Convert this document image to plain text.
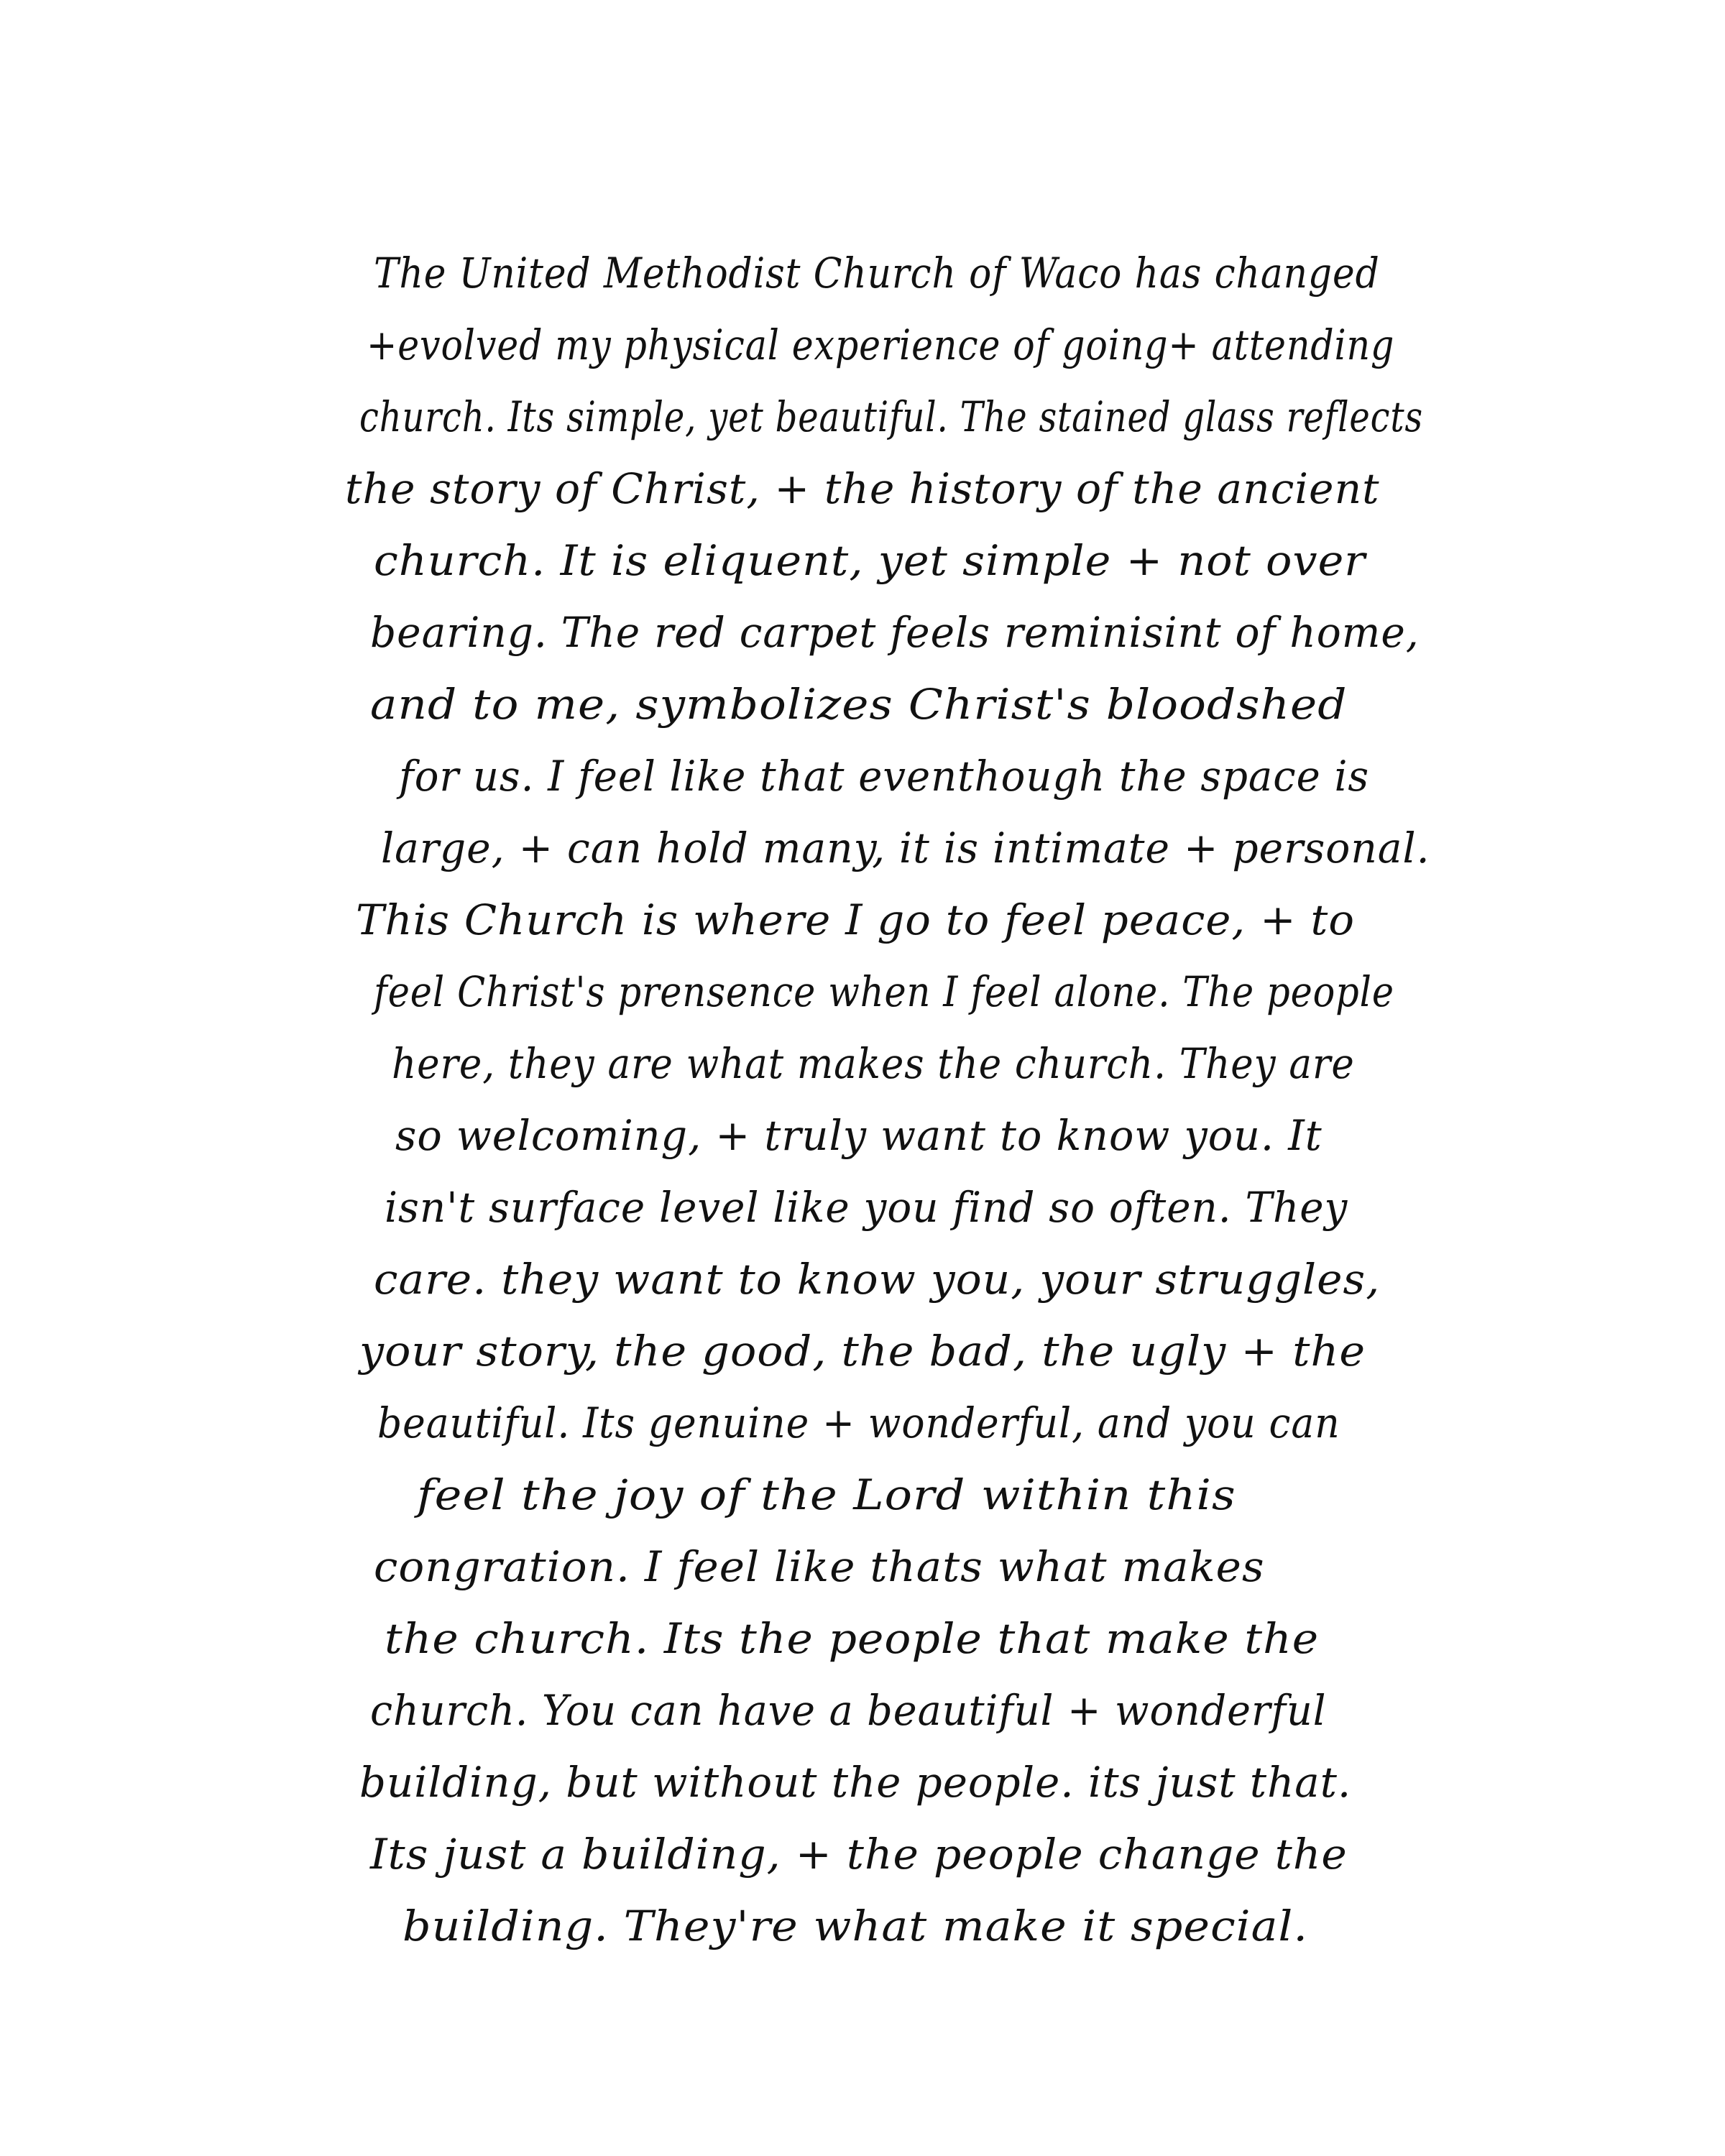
The United Methodist Church of Waco has changed
+evolved my physical experience of going+ attending
church. Its simple, yet beautiful. The stained glass reflects
the story of Christ, + the history of the ancient
church. It is eliquent, yet simple + not over
bearing. The red carpet feels reminisint of home,
and to me, symbolizes Christ's bloodshed
for us. I feel like that eventhough the space is
large, + can hold many, it is intimate + personal.
This Church is where I go to feel peace, + to
feel Christ's prensence when I feel alone. The people
here, they are what makes the church. They are
so welcoming, + truly want to know you. It
isn't surface level like you find so often. They
care. they want to know you, your struggles,
your story, the good, the bad, the ugly + the
beautiful. Its genuine + wonderful, and you can
feel the joy of the Lord within this
congration. I feel like thats what makes
the church. Its the people that make the
church. You can have a beautiful + wonderful
building, but without the people. its just that.
Its just a building, + the people change the
building. They're what make it special.
